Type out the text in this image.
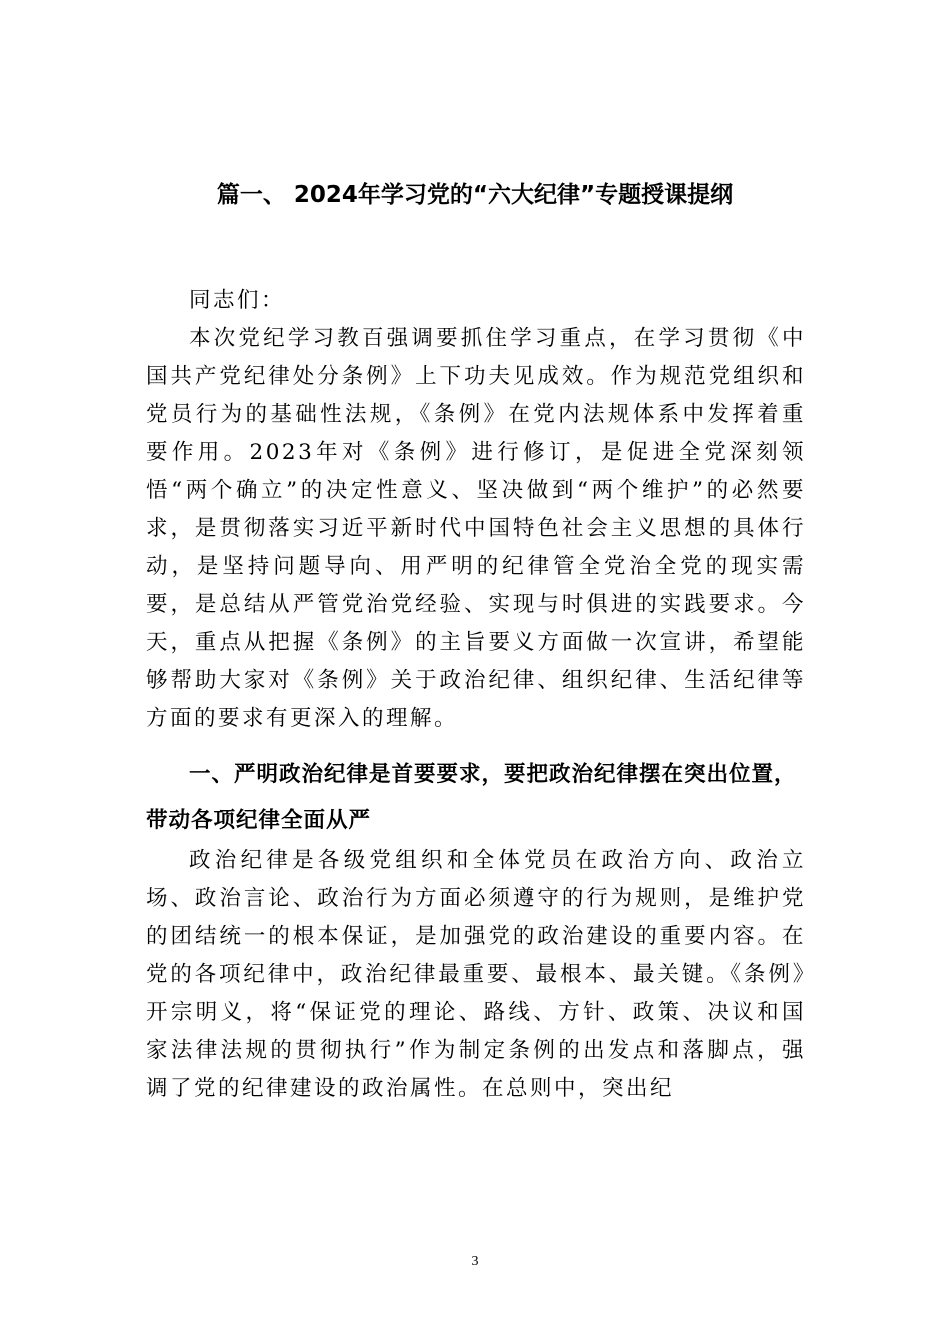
篇一、 2024年学习党的“六大纪律”专题授课提纲

同志们：

本次党纪学习教百强调要抓住学习重点，在学习贯彻《中国共产党纪律处分条例》上下功夫见成效。作为规范党组织和党员行为的基础性法规，《条例》在党内法规体系中发挥着重要作用。2023年对《条例》进行修订，是促进全党深刻领悟“两个确立”的决定性意义、坚决做到“两个维护”的必然要求，是贯彻落实习近平新时代中国特色社会主义思想的具体行动，是坚持问题导向、用严明的纪律管全党治全党的现实需要，是总结从严管党治党经验、实现与时俱进的实践要求。今天，重点从把握《条例》的主旨要义方面做一次宣讲，希望能够帮助大家对《条例》关于政治纪律、组织纪律、生活纪律等方面的要求有更深入的理解。

一、严明政治纪律是首要要求，要把政治纪律摆在突出位置，带动各项纪律全面从严

政治纪律是各级党组织和全体党员在政治方向、政治立场、政治言论、政治行为方面必须遵守的行为规则，是维护党的团结统一的根本保证，是加强党的政治建设的重要内容。在党的各项纪律中，政治纪律最重要、最根本、最关键。《条例》开宗明义，将“保证党的理论、路线、方针、政策、决议和国家法律法规的贯彻执行”作为制定条例的出发点和落脚点，强调了党的纪律建设的政治属性。在总则中，突出纪

3
